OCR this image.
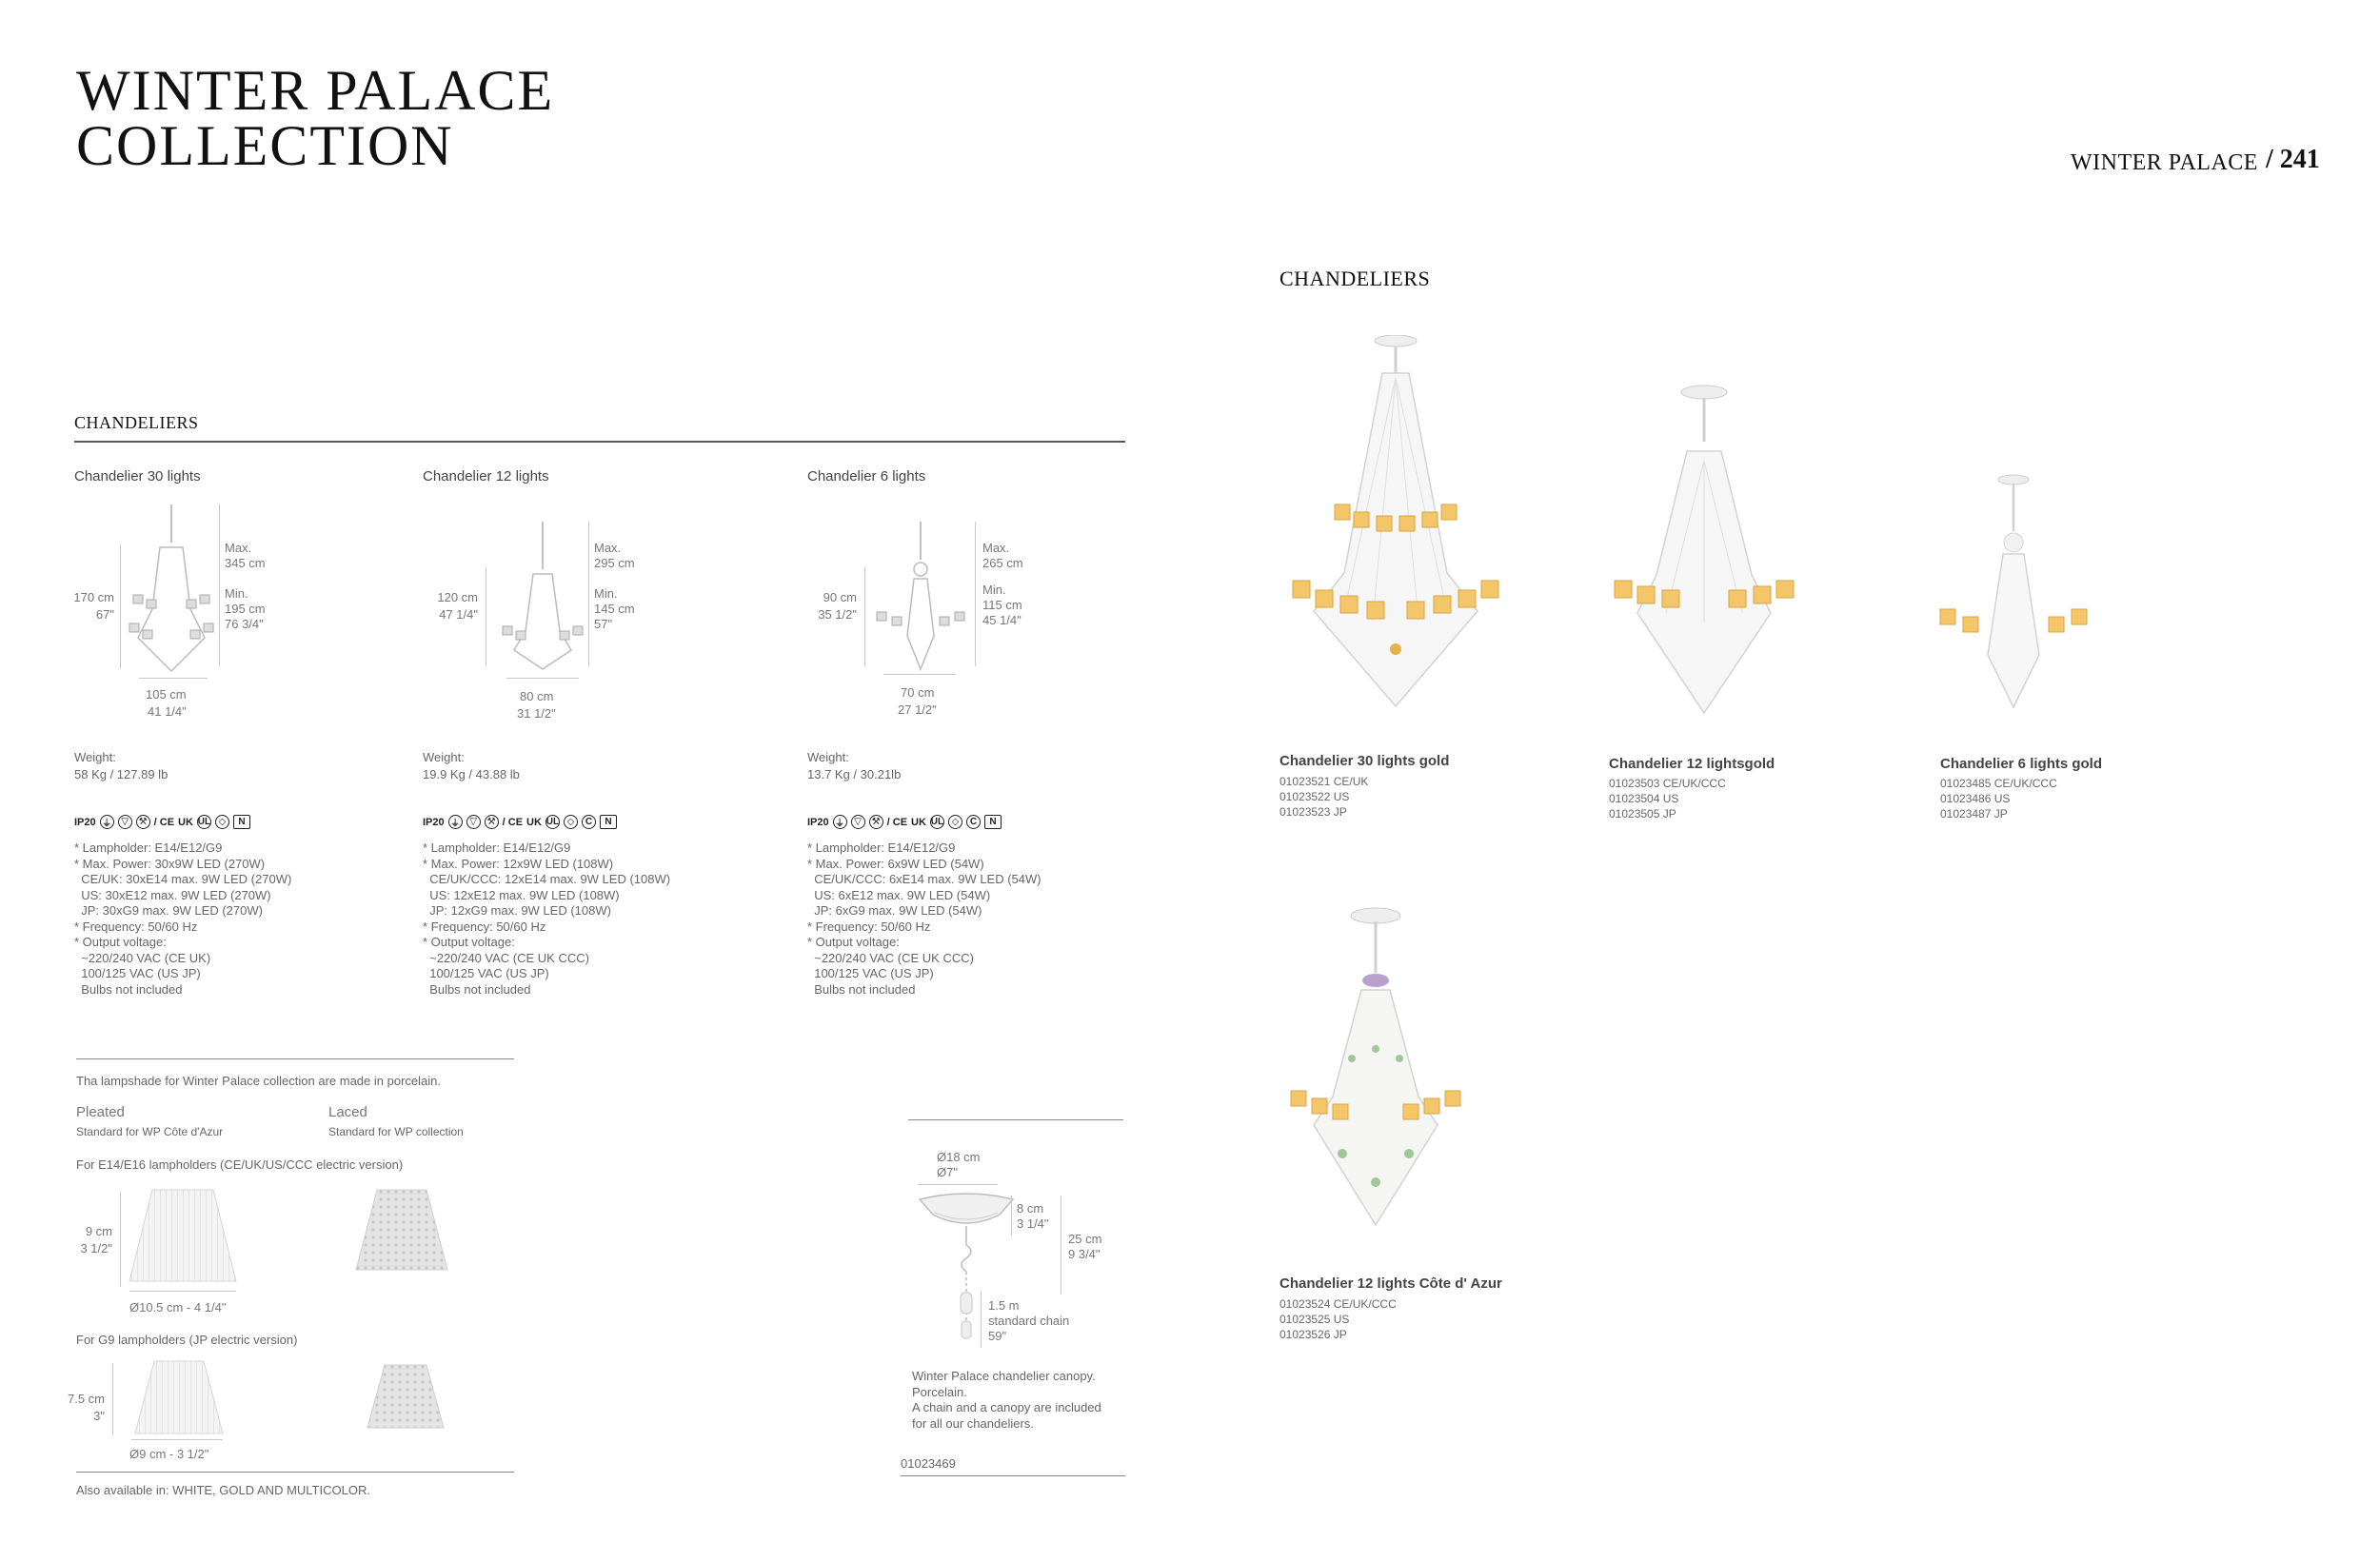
WINTER PALACE
COLLECTION	WINTER PALACE / 241
CHANDELIERS
Chandelier 30 lights
170 cm
67"
Max.
345 cm
Min.
195 cm
76 3/4"
105 cm
41 1/4"
Weight:
58 Kg / 127.89 lb
IP20 ⏚	▽	⚒ / CE UK UL ◇	N
* Lampholder: E14/E12/G9
* Max. Power: 30x9W LED (270W)
CE/UK: 30xE14 max. 9W LED (270W)
US: 30xE12 max. 9W LED (270W)
JP: 30xG9 max. 9W LED (270W)
* Frequency: 50/60 Hz
* Output voltage:
~220/240 VAC (CE UK)
100/125 VAC (US JP)
Bulbs not included
Chandelier 12 lights
120 cm
47 1/4"
Max.
295 cm
Min.
145 cm
57"
80 cm
31 1/2"
Weight:
19.9 Kg / 43.88 lb
IP20 ⏚	▽	⚒ / CE UK UL ◇	C	N
* Lampholder: E14/E12/G9
* Max. Power: 12x9W LED (108W)
CE/UK/CCC: 12xE14 max. 9W LED (108W)
US: 12xE12 max. 9W LED (108W)
JP: 12xG9 max. 9W LED (108W)
* Frequency: 50/60 Hz
* Output voltage:
~220/240 VAC (CE UK CCC)
100/125 VAC (US JP)
Bulbs not included
Chandelier 6 lights
90 cm
35 1/2"
Max.
265 cm
Min.
115 cm
45 1/4"
70 cm
27 1/2"
Weight:
13.7 Kg / 30.21lb
IP20 ⏚	▽	⚒ / CE UK UL ◇	C	N
* Lampholder: E14/E12/G9
* Max. Power: 6x9W LED (54W)
CE/UK/CCC: 6xE14 max. 9W LED (54W)
US: 6xE12 max. 9W LED (54W)
JP: 6xG9 max. 9W LED (54W)
* Frequency: 50/60 Hz
* Output voltage:
~220/240 VAC (CE UK CCC)
100/125 VAC (US JP)
Bulbs not included
Tha lampshade for Winter Palace collection are made in porcelain.
Pleated
Standard for WP Côte d'Azur
Laced
Standard for WP collection
For E14/E16 lampholders (CE/UK/US/CCC electric version)
9 cm
3 1/2"
Ø10.5 cm - 4 1/4"
For G9 lampholders (JP electric version)
7.5 cm
3"
Ø9 cm - 3 1/2"
Also available in: WHITE, GOLD AND MULTICOLOR.
Ø18 cm
Ø7"
8 cm
3 1/4"
25 cm
9 3/4"
1.5 m
standard chain
59"
Winter Palace chandelier canopy.
Porcelain.
A chain and a canopy are included
for all our chandeliers.
01023469
CHANDELIERS
Chandelier 30 lights gold
01023521 CE/UK
01023522 US
01023523 JP
Chandelier 12 lightsgold
01023503 CE/UK/CCC
01023504 US
01023505 JP
Chandelier 6 lights gold
01023485 CE/UK/CCC
01023486 US
01023487 JP
Chandelier 12 lights Côte d' Azur
01023524 CE/UK/CCC
01023525 US
01023526 JP
